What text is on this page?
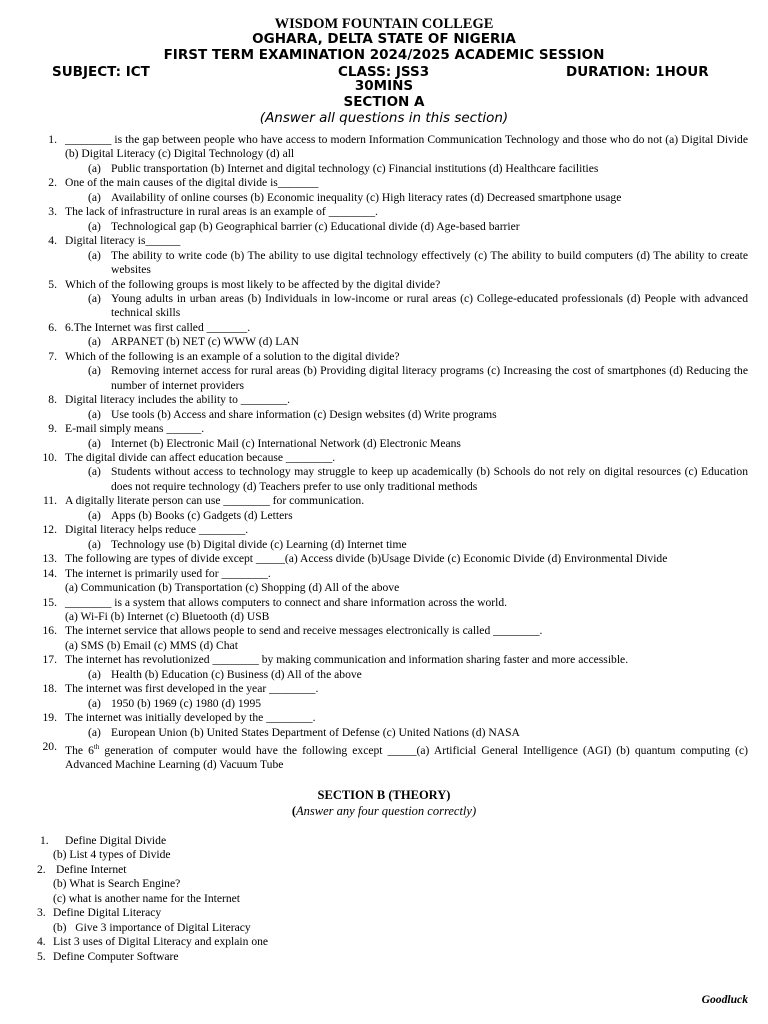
WISDOM FOUNTAIN COLLEGE
OGHARA, DELTA STATE OF NIGERIA
FIRST TERM EXAMINATION 2024/2025 ACADEMIC SESSION
SUBJECT: ICT	CLASS: JSS3	DURATION: 1HOUR
30MINS
SECTION A
(Answer all questions in this section)
1. ________ is the gap between people who have access to modern Information Communication Technology and those who do not (a) Digital Divide (b) Digital Literacy (c) Digital Technology (d) all
(a) Public transportation (b) Internet and digital technology (c) Financial institutions (d) Healthcare facilities
2. One of the main causes of the digital divide is_______
(a) Availability of online courses (b) Economic inequality (c) High literacy rates (d) Decreased smartphone usage
3. The lack of infrastructure in rural areas is an example of ________.
(a) Technological gap (b) Geographical barrier (c) Educational divide (d) Age-based barrier
4. Digital literacy is______
(a) The ability to write code (b) The ability to use digital technology effectively (c) The ability to build computers (d) The ability to create websites
5. Which of the following groups is most likely to be affected by the digital divide?
(a) Young adults in urban areas (b) Individuals in low-income or rural areas (c) College-educated professionals (d) People with advanced technical skills
6. 6.The Internet was first called _______.
(a) ARPANET (b) NET (c) WWW (d) LAN
7. Which of the following is an example of a solution to the digital divide?
(a) Removing internet access for rural areas (b) Providing digital literacy programs (c) Increasing the cost of smartphones (d) Reducing the number of internet providers
8. Digital literacy includes the ability to ________.
(a) Use tools (b) Access and share information (c) Design websites (d) Write programs
9. E-mail simply means ______.
(a) Internet (b) Electronic Mail (c) International Network (d) Electronic Means
10. The digital divide can affect education because ________.
(a) Students without access to technology may struggle to keep up academically (b) Schools do not rely on digital resources (c) Education does not require technology (d) Teachers prefer to use only traditional methods
11. A digitally literate person can use ________ for communication.
(a) Apps (b) Books (c) Gadgets (d) Letters
12. Digital literacy helps reduce ________.
(a) Technology use (b) Digital divide (c) Learning (d) Internet time
13. The following are types of divide except _____(a) Access divide (b)Usage Divide (c) Economic Divide (d) Environmental Divide
14. The internet is primarily used for ________.
(a) Communication (b) Transportation (c) Shopping (d) All of the above
15. ________ is a system that allows computers to connect and share information across the world.
(a) Wi-Fi (b) Internet (c) Bluetooth (d) USB
16. The internet service that allows people to send and receive messages electronically is called ________.
(a) SMS (b) Email (c) MMS (d) Chat
17. The internet has revolutionized ________ by making communication and information sharing faster and more accessible.
(a) Health (b) Education (c) Business (d) All of the above
18. The internet was first developed in the year ________.
(a) 1950 (b) 1969 (c) 1980 (d) 1995
19. The internet was initially developed by the ________.
(a) European Union (b) United States Department of Defense (c) United Nations (d) NASA
20. The 6th generation of computer would have the following except _____(a) Artificial General Intelligence (AGI) (b) quantum computing (c) Advanced Machine Learning (d) Vacuum Tube
SECTION B (THEORY)
(Answer any four question correctly)
1. Define Digital Divide
(b) List 4 types of Divide
2. Define Internet
(b) What is Search Engine?
(c) what is another name for the Internet
3. Define Digital Literacy
(b)   Give 3 importance of Digital Literacy
4. List 3 uses of Digital Literacy and explain one
5. Define Computer Software
Goodluck
